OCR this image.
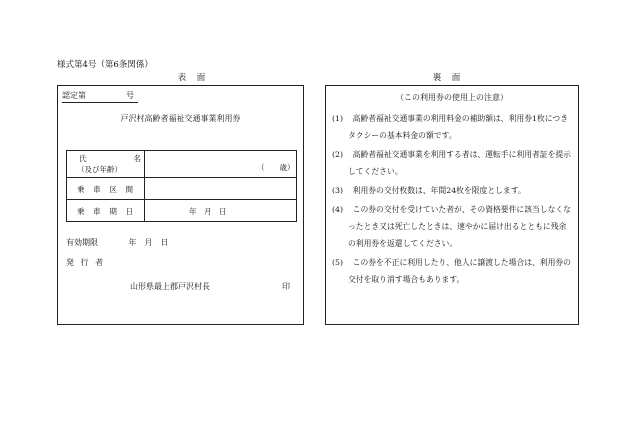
様式第4号（第6条関係）
表　面	裏　面
認定第　　　　　号
戸沢村高齢者福祉交通事業利用券
氏	名
（及び年齢）	（　　歳）
乗 車 区 間
乗 車 期 日	年　月　日
有効期限	年　月　日
発 行 者
山形県最上郡戸沢村長	印
（この利用券の使用上の注意）
(1)	高齢者福祉交通事業の利用料金の補助額は、利用券1枚につきタクシーの基本料金の額です。
(2)	高齢者福祉交通事業を利用する者は、運転手に利用者証を提示してください。
(3)	利用券の交付枚数は、年間24枚を限度とします。
(4)	この券の交付を受けていた者が、その資格要件に該当しなくなったとき又は死亡したときは、速やかに届け出るとともに残余の利用券を返還してください。
(5)	この券を不正に利用したり、他人に譲渡した場合は、利用券の交付を取り消す場合もあります。
